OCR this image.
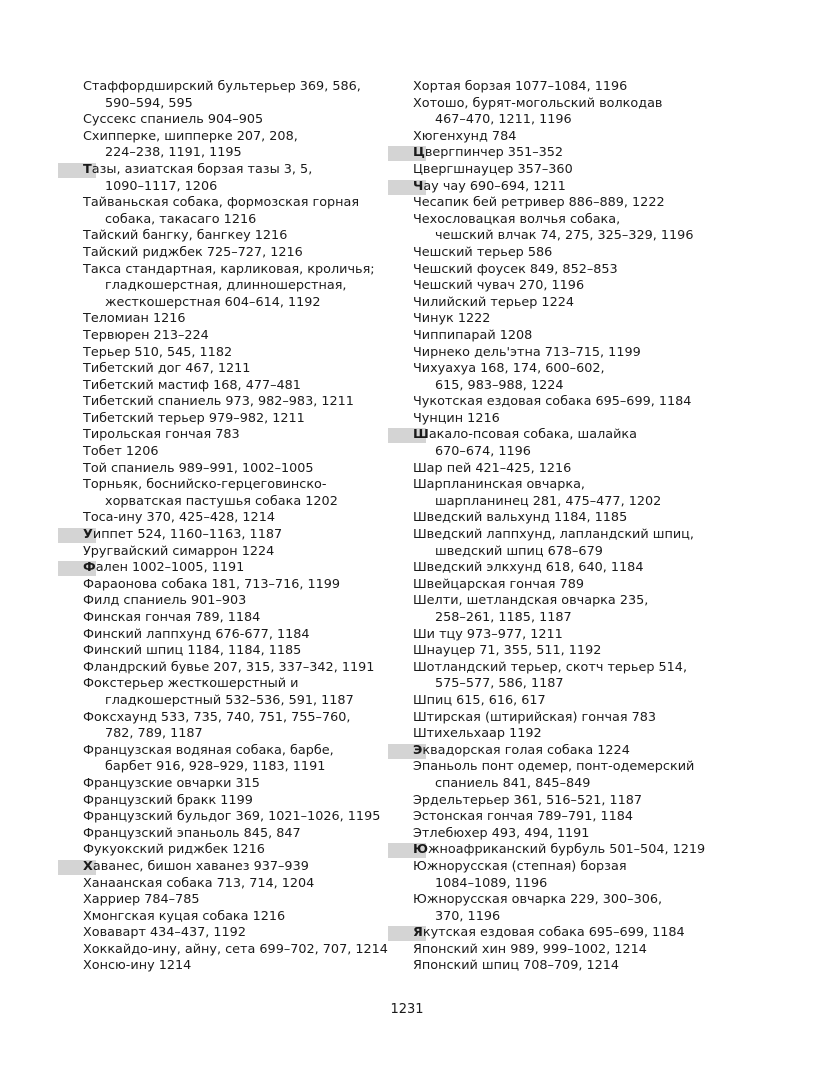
Стаффордширский бультерьер 369, 586,
590–594, 595
Суссекс спаниель 904–905
Схипперке, шипперке 207, 208,
224–238, 1191, 1195
Тазы, азиатская борзая тазы 3, 5,
1090–1117, 1206
Тайваньская собака, формозская горная
собака, такасаго 1216
Тайский бангку, бангкеу 1216
Тайский риджбек 725–727, 1216
Такса стандартная, карликовая, кроличья;
гладкошерстная, длинношерстная,
жесткошерстная 604–614, 1192
Теломиан 1216
Тервюрен 213–224
Терьер 510, 545, 1182
Тибетский дог 467, 1211
Тибетский мастиф 168, 477–481
Тибетский спаниель 973, 982–983, 1211
Тибетский терьер 979–982, 1211
Тирольская гончая 783
Тобет 1206
Той спаниель 989–991, 1002–1005
Торньяк, боснийско-герцеговинско-
хорватская пастушья собака 1202
Тоса-ину 370, 425–428, 1214
Уиппет 524, 1160–1163, 1187
Уругвайский симаррон 1224
Фален 1002–1005, 1191
Фараонова собака 181, 713–716, 1199
Филд спаниель 901–903
Финская гончая 789, 1184
Финский лаппхунд 676-677, 1184
Финский шпиц 1184, 1184, 1185
Фландрский бувье 207, 315, 337–342, 1191
Фокстерьер жесткошерстный и
гладкошерстный 532–536, 591, 1187
Фоксхаунд 533, 735, 740, 751, 755–760,
782, 789, 1187
Французская водяная собака, барбе,
барбет 916, 928–929, 1183, 1191
Французские овчарки 315
Французский бракк 1199
Французский бульдог 369, 1021–1026, 1195
Французский эпаньоль 845, 847
Фукуокский риджбек 1216
Хаванес, бишон хаванез 937–939
Ханаанская собака 713, 714, 1204
Харриер 784–785
Хмонгская куцая собака 1216
Ховаварт 434–437, 1192
Хоккайдо-ину, айну, сета 699–702, 707, 1214
Хонсю-ину 1214
Хортая борзая 1077–1084, 1196
Хотошо, бурят-могольский волкодав
467–470, 1211, 1196
Хюгенхунд 784
Цвергпинчер 351–352
Цвергшнауцер 357–360
Чау чау 690–694, 1211
Чесапик бей ретривер 886–889, 1222
Чехословацкая волчья собака,
чешский влчак 74, 275, 325–329, 1196
Чешский терьер 586
Чешский фоусек 849, 852–853
Чешский чувач 270, 1196
Чилийский терьер 1224
Чинук 1222
Чиппипарай 1208
Чирнеко дель'этна 713–715, 1199
Чихуахуа 168, 174, 600–602,
615, 983–988, 1224
Чукотская ездовая собака 695–699, 1184
Чунцин 1216
Шакало-псовая собака, шалайка
670–674, 1196
Шар пей 421–425, 1216
Шарпланинская овчарка,
шарпланинец 281, 475–477, 1202
Шведский вальхунд 1184, 1185
Шведский лаппхунд, лапландский шпиц,
шведский шпиц 678–679
Шведский элкхунд 618, 640, 1184
Швейцарская гончая 789
Шелти, шетландская овчарка 235,
258–261, 1185, 1187
Ши тцу 973–977, 1211
Шнауцер 71, 355, 511, 1192
Шотландский терьер, скотч терьер 514,
575–577, 586, 1187
Шпиц 615, 616, 617
Штирская (штирийская) гончая 783
Штихельхаар 1192
Эквадорская голая собака 1224
Эпаньоль понт одемер, понт-одемерский
спаниель 841, 845–849
Эрдельтерьер 361, 516–521, 1187
Эстонская гончая 789–791, 1184
Этлебюхер 493, 494, 1191
Южноафриканский бурбуль 501–504, 1219
Южнорусская (степная) борзая
1084–1089, 1196
Южнорусская овчарка 229, 300–306,
370, 1196
Якутская ездовая собака 695–699, 1184
Японский хин 989, 999–1002, 1214
Японский шпиц 708–709, 1214
1231
